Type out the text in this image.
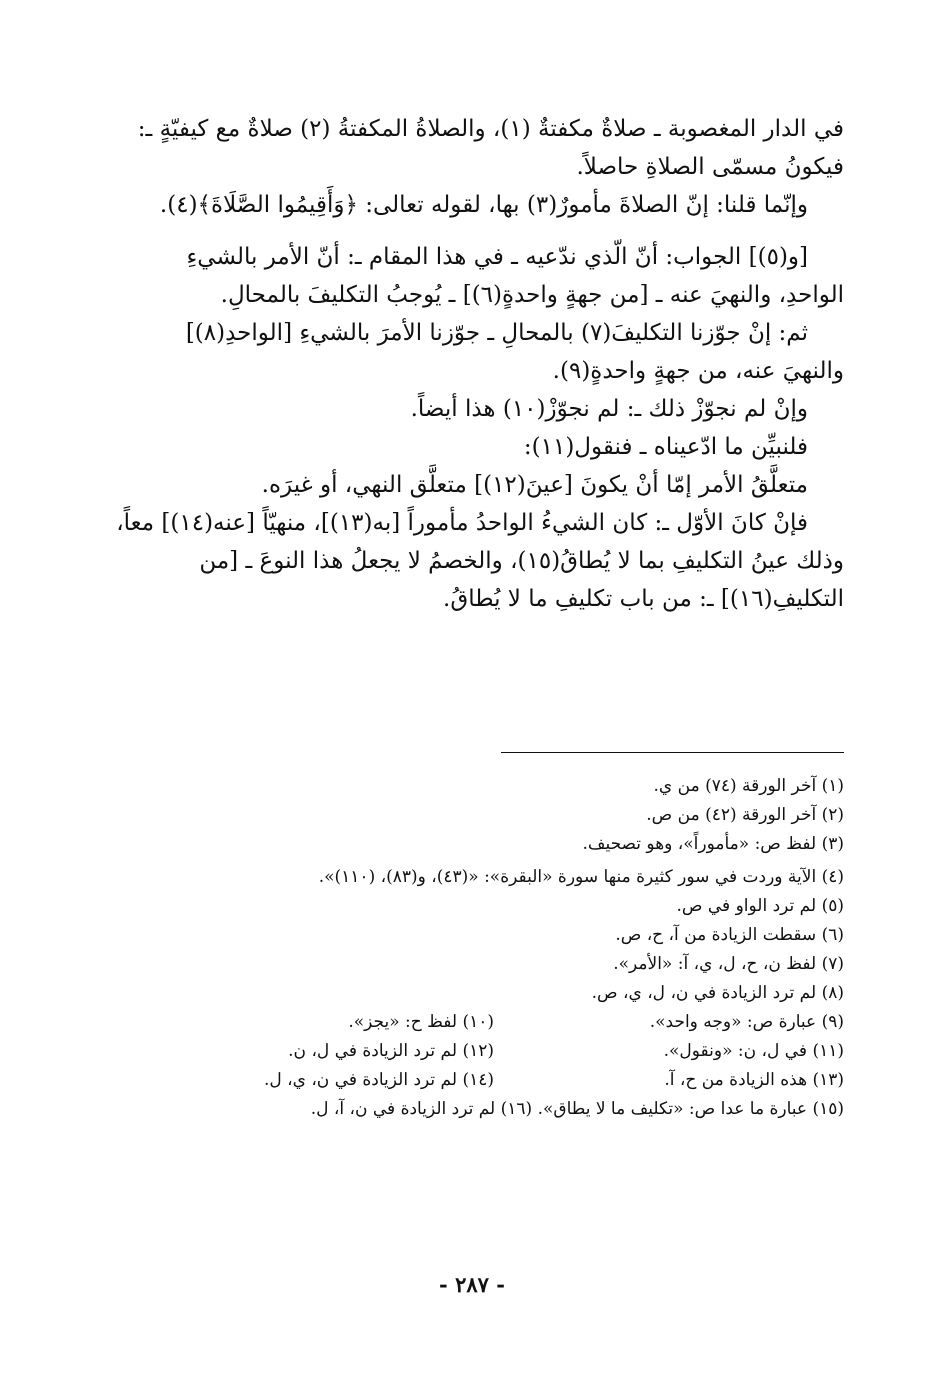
في الدار المغصوبة ـ صلاةٌ مكفتةٌ (١)، والصلاةُ المكفتةُ (٢) صلاةٌ مع كيفيّةٍ ـ:
فيكونُ مسمّى الصلاةِ حاصلاً.
وإنّما قلنا: إنّ الصلاةَ مأمورٌ(٣) بها، لقوله تعالى: ﴿وَأَقِيمُوا الصَّلَاةَ﴾(٤).
[و(٥)] الجواب: أنّ الّذي ندّعيه ـ في هذا المقام ـ: أنّ الأمر بالشيءِ
الواحدِ، والنهيَ عنه ـ [من جهةٍ واحدةٍ(٦)] ـ يُوجبُ التكليفَ بالمحالِ.
ثم: إنْ جوّزنا التكليفَ(٧) بالمحالِ ـ جوّزنا الأمرَ بالشيءِ [الواحدِ(٨)]
والنهيَ عنه، من جهةٍ واحدةٍ(٩).
وإنْ لم نجوّزْ ذلك ـ: لم نجوّزْ(١٠) هذا أيضاً.
فلنبيِّن ما ادّعيناه ـ فنقول(١١):
متعلَّقُ الأمر إمّا أنْ يكونَ [عينَ(١٢)] متعلَّق النهي، أو غيرَه.
فإنْ كانَ الأوّل ـ: كان الشيءُ الواحدُ مأموراً [به(١٣)]، منهيّاً [عنه(١٤)] معاً،
وذلك عينُ التكليفِ بما لا يُطاقُ(١٥)، والخصمُ لا يجعلُ هذا النوعَ ـ [من
التكليفِ(١٦)] ـ: من باب تكليفِ ما لا يُطاقُ.
(١) آخر الورقة (٧٤) من ي.
(٢) آخر الورقة (٤٢) من ص.
(٣) لفظ ص: «مأموراً»، وهو تصحيف.
(٤) الآية وردت في سور كثيرة منها سورة «البقرة»: «(٤٣)، و(٨٣)، (١١٠)».
(٥) لم ترد الواو في ص.
(٦) سقطت الزيادة من آ، ح، ص.
(٧) لفظ ن، ح، ل، ي، آ: «الأمر».
(٨) لم ترد الزيادة في ن، ل، ي، ص.
(٩) عبارة ص: «وجه واحد».
(١٠) لفظ ح: «يجز».
(١١) في ل، ن: «ونقول».
(١٢) لم ترد الزيادة في ل، ن.
(١٣) هذه الزيادة من ح، آ.
(١٤) لم ترد الزيادة في ن، ي، ل.
(١٥) عبارة ما عدا ص: «تكليف ما لا يطاق». (١٦) لم ترد الزيادة في ن، آ، ل.
- ٢٨٧ -
